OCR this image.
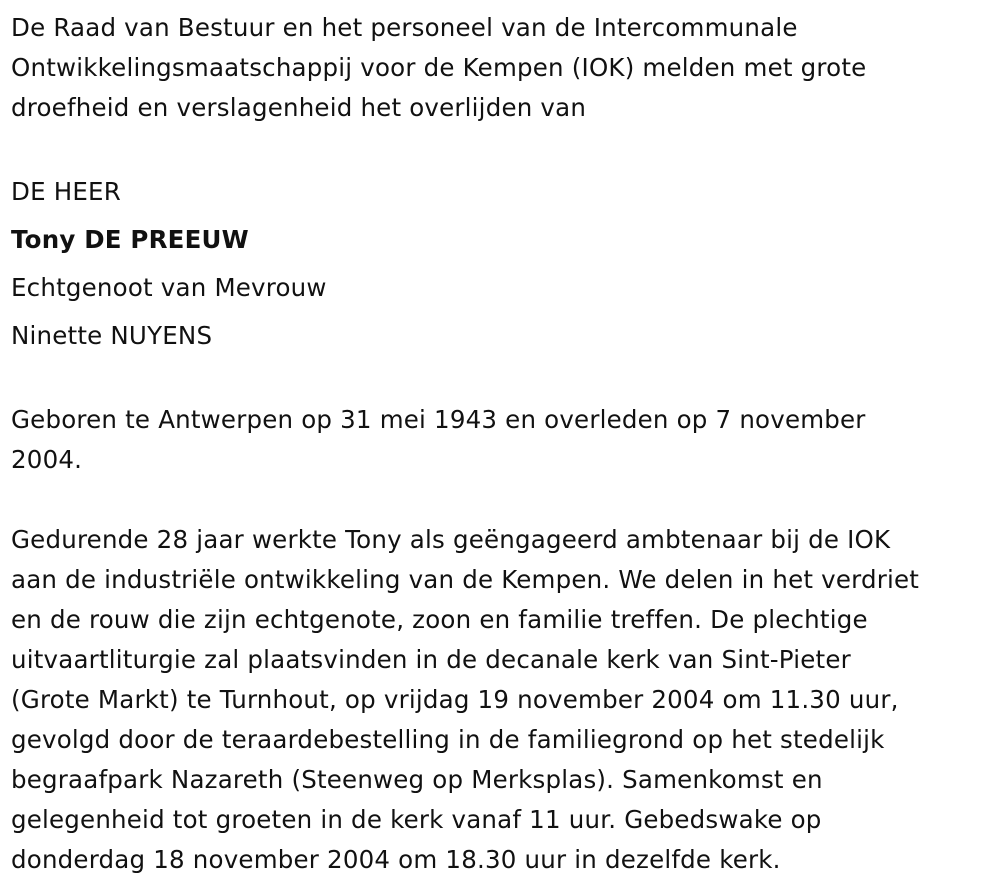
De Raad van Bestuur en het personeel van de Intercommunale
Ontwikkelingsmaatschappij voor de Kempen (IOK) melden met grote
droefheid en verslagenheid het overlijden van
DE HEER
Tony DE PREEUW
Echtgenoot van Mevrouw
Ninette NUYENS
Geboren te Antwerpen op 31 mei 1943 en overleden op 7 november
2004.
Gedurende 28 jaar werkte Tony als geëngageerd ambtenaar bij de IOK
aan de industriële ontwikkeling van de Kempen. We delen in het verdriet
en de rouw die zijn echtgenote, zoon en familie treffen. De plechtige
uitvaartliturgie zal plaatsvinden in de decanale kerk van Sint-Pieter
(Grote Markt) te Turnhout, op vrijdag 19 november 2004 om 11.30 uur,
gevolgd door de teraardebestelling in de familiegrond op het stedelijk
begraafpark Nazareth (Steenweg op Merksplas). Samenkomst en
gelegenheid tot groeten in de kerk vanaf 11 uur. Gebedswake op
donderdag 18 november 2004 om 18.30 uur in dezelfde kerk.
